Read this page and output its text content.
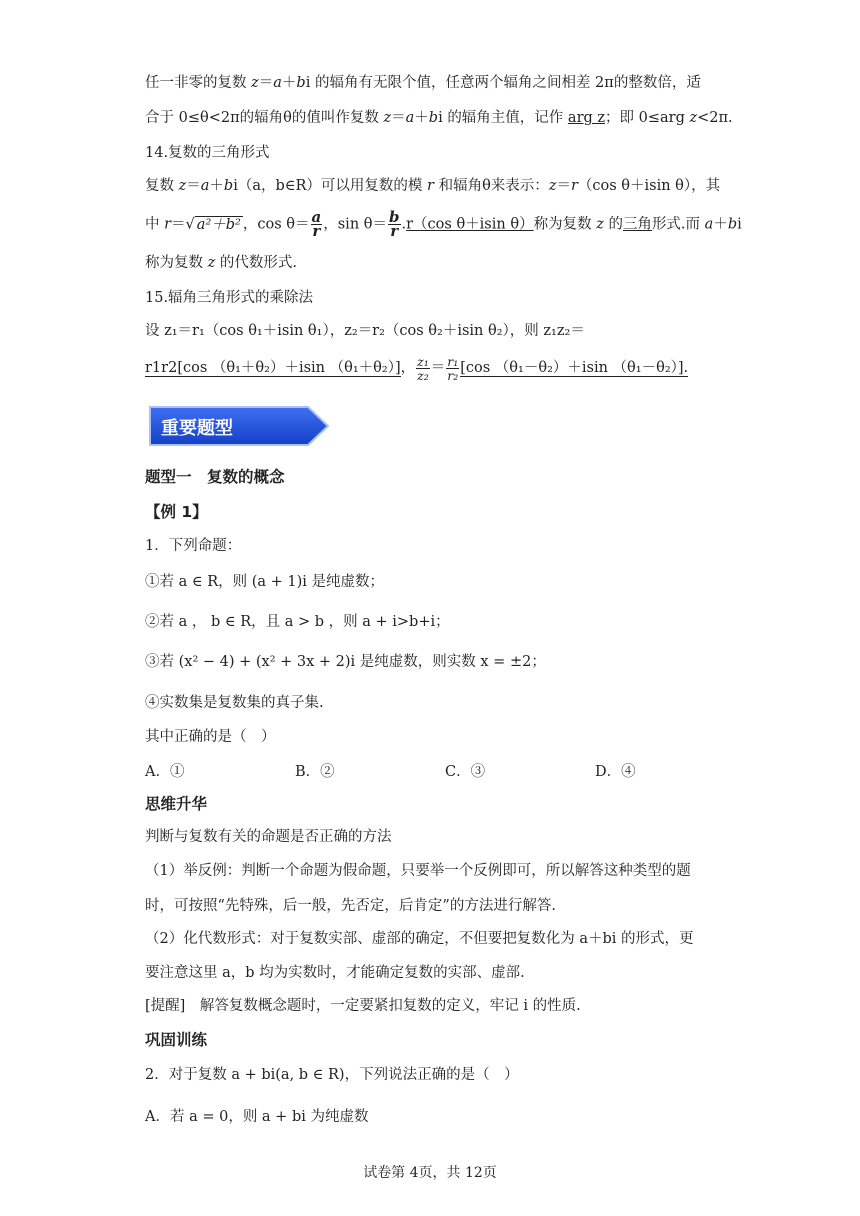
任一非零的复数 z＝a＋bi 的辐角有无限个值，任意两个辐角之间相差 2π的整数倍，适
合于 0≤θ<2π的辐角θ的值叫作复数 z＝a＋bi 的辐角主值，记作 arg z；即 0≤arg z<2π.
14.复数的三角形式
复数 z＝a＋bi（a，b∈R）可以用复数的模 r 和辐角θ来表示：z＝r（cos θ＋isin θ），其
中 r＝√ a²＋b² ，$\cos \theta= \frac{a}{r}$ ，$\sin \theta= \frac{b}{r} .r(\cos$ θ＋isin θ）称为复数 z 的三角形式.而 a＋bi
称为复数 z 的代数形式.
15.辐角三角形式的乘除法
设 z₁＝r₁（cos θ₁＋isin θ₁），z₂＝r₂（cos θ₂＋isin θ₂），则 z₁z₂＝
r1r2[cos （θ₁＋θ₂）＋isin （θ₁＋θ₂）]， $\frac{\text{z₁}}{\text{z₂}} = \frac{\text{r₁}}{\text{r₂}} [\cos$ （θ₁－θ₂）＋isin （θ₁－θ₂）].
重要题型
题型一　复数的概念
【例 1】
1．下列命题：
①若 a ∈ R，则 (a + 1)i 是纯虚数；
②若 a ， b ∈ R，且 a > b ，则 a + i>b+i；
③若 (x² − 4) + (x² + 3x + 2)i 是纯虚数，则实数 x = ±2；
④实数集是复数集的真子集.
其中正确的是（　）
A．①	B．②	C．③	D．④
思维升华
判断与复数有关的命题是否正确的方法
（1）举反例：判断一个命题为假命题，只要举一个反例即可，所以解答这种类型的题
时，可按照“先特殊，后一般，先否定，后肯定”的方法进行解答.
（2）化代数形式：对于复数实部、虚部的确定，不但要把复数化为 a＋bi 的形式，更
要注意这里 a，b 均为实数时，才能确定复数的实部、虚部.
[提醒]　解答复数概念题时，一定要紧扣复数的定义，牢记 i 的性质.
巩固训练
2．对于复数 a + bi(a, b ∈ R)，下列说法正确的是（　）
A．若 a = 0，则 a + bi 为纯虚数
试卷第 4页，共 12页
